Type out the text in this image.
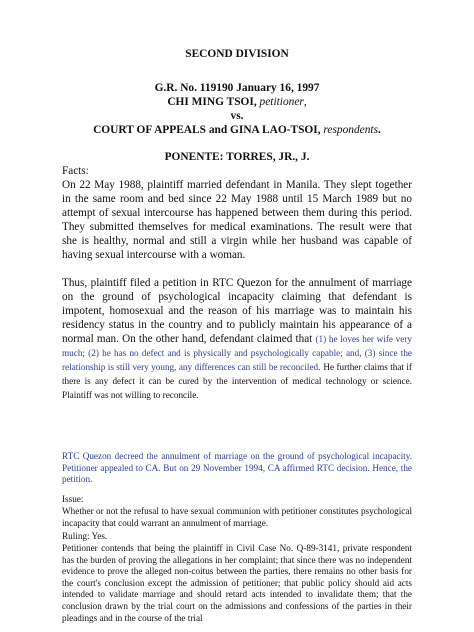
SECOND DIVISION
G.R. No. 119190 January 16, 1997
CHI MING TSOI, petitioner,
vs.
COURT OF APPEALS and GINA LAO-TSOI, respondents.
PONENTE: TORRES, JR., J.
Facts:
On 22 May 1988, plaintiff married defendant in Manila. They slept together in the same room and bed since 22 May 1988 until 15 March 1989 but no attempt of sexual intercourse has happened between them during this period. They submitted themselves for medical examinations. The result were that she is healthy, normal and still a virgin while her husband was capable of having sexual intercourse with a woman.
Thus, plaintiff filed a petition in RTC Quezon for the annulment of marriage on the ground of psychological incapacity claiming that defendant is impotent, homosexual and the reason of his marriage was to maintain his residency status in the country and to publicly maintain his appearance of a normal man. On the other hand, defendant claimed that (1) he loves her wife very much; (2) he has no defect and is physically and psychologically capable; and, (3) since the relationship is still very young, any differences can still be reconciled. He further claims that if there is any defect it can be cured by the intervention of medical technology or science. Plaintiff was not willing to reconcile.
RTC Quezon decreed the annulment of marriage on the ground of psychological incapacity. Petitioner appealed to CA. But on 29 November 1994, CA affirmed RTC decision. Hence, the petition.
Issue:
Whether or not the refusal to have sexual communion with petitioner constitutes psychological incapacity that could warrant an annulment of marriage.
Ruling: Yes.
Petitioner contends that being the plaintiff in Civil Case No. Q-89-3141, private respondent has the burden of proving the allegations in her complaint; that since there was no independent evidence to prove the alleged non-coitus between the parties, there remains no other basis for the court's conclusion except the admission of petitioner; that public policy should aid acts intended to validate marriage and should retard acts intended to invalidate them; that the conclusion drawn by the trial court on the admissions and confessions of the parties in their pleadings and in the course of the trial
